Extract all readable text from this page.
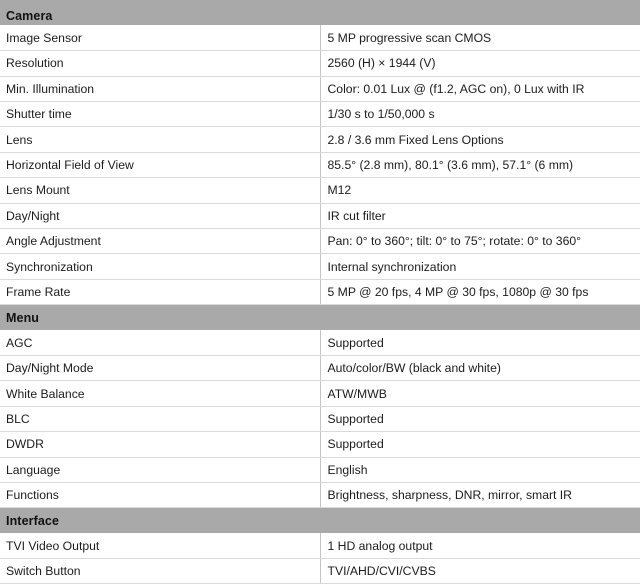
Camera	
Image Sensor	5 MP progressive scan CMOS
Resolution	2560 (H) × 1944 (V)
Min. Illumination	Color: 0.01 Lux @ (f1.2, AGC on), 0 Lux with IR
Shutter time	1/30 s to 1/50,000 s
Lens	2.8 / 3.6 mm Fixed Lens Options
Horizontal Field of View	85.5° (2.8 mm), 80.1° (3.6 mm), 57.1° (6 mm)
Lens Mount	M12
Day/Night	IR cut filter
Angle Adjustment	Pan: 0° to 360°; tilt: 0° to 75°; rotate: 0° to 360°
Synchronization	Internal synchronization
Frame Rate	5 MP @ 20 fps, 4 MP @ 30 fps, 1080p @ 30 fps
Menu	
AGC	Supported
Day/Night Mode	Auto/color/BW (black and white)
White Balance	ATW/MWB
BLC	Supported
DWDR	Supported
Language	English
Functions	Brightness, sharpness, DNR, mirror, smart IR
Interface	
TVI Video Output	1 HD analog output
Switch Button	TVI/AHD/CVI/CVBS
